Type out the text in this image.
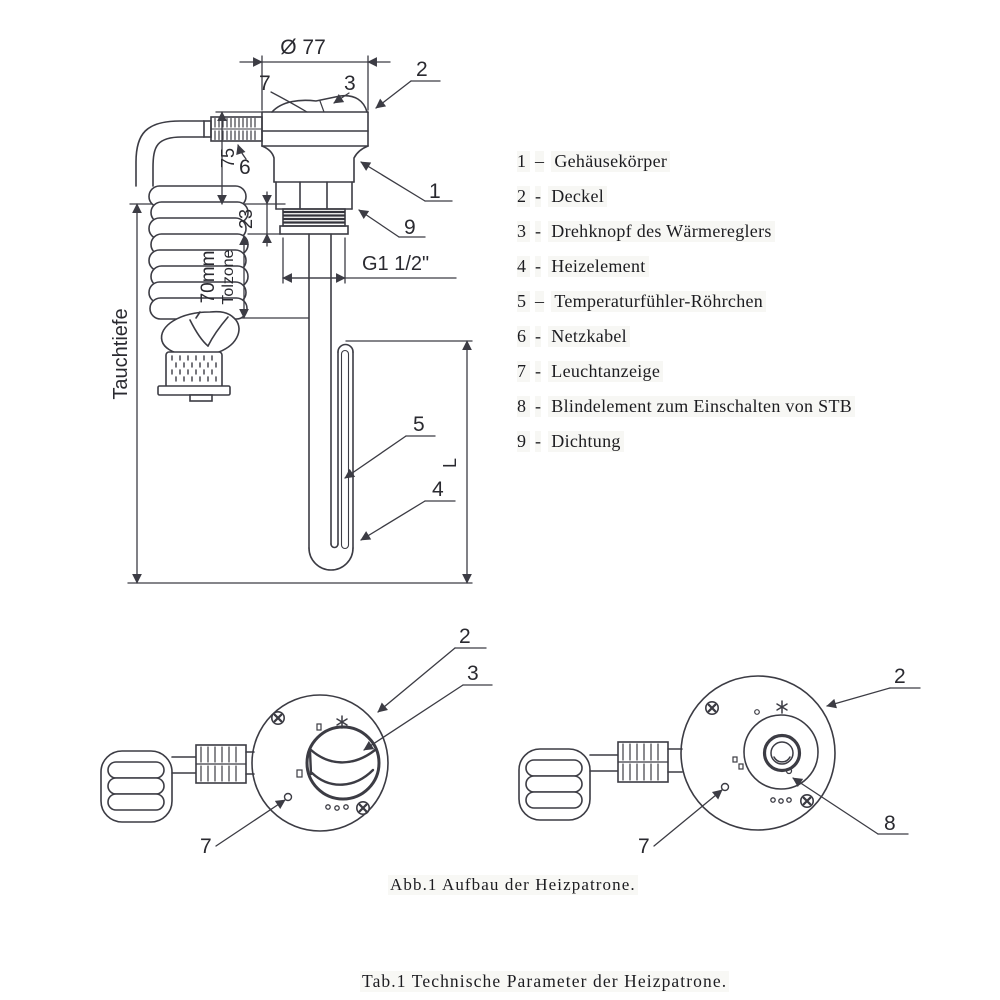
Ø 77
75
23
70mm Tolzone
Tauchtiefe
G1 1/2"
L
7	3
2
6
1
9
5
4
2
3
7
2
7
8
1 – Gehäusekörper
2 - Deckel
3 - Drehknopf des Wärmereglers
4 - Heizelement
5 – Temperaturfühler-Röhrchen
6 - Netzkabel
7 - Leuchtanzeige
8 - Blindelement zum Einschalten von STB
9 - Dichtung
Abb.1 Aufbau der Heizpatrone.
Tab.1 Technische Parameter der Heizpatrone.
